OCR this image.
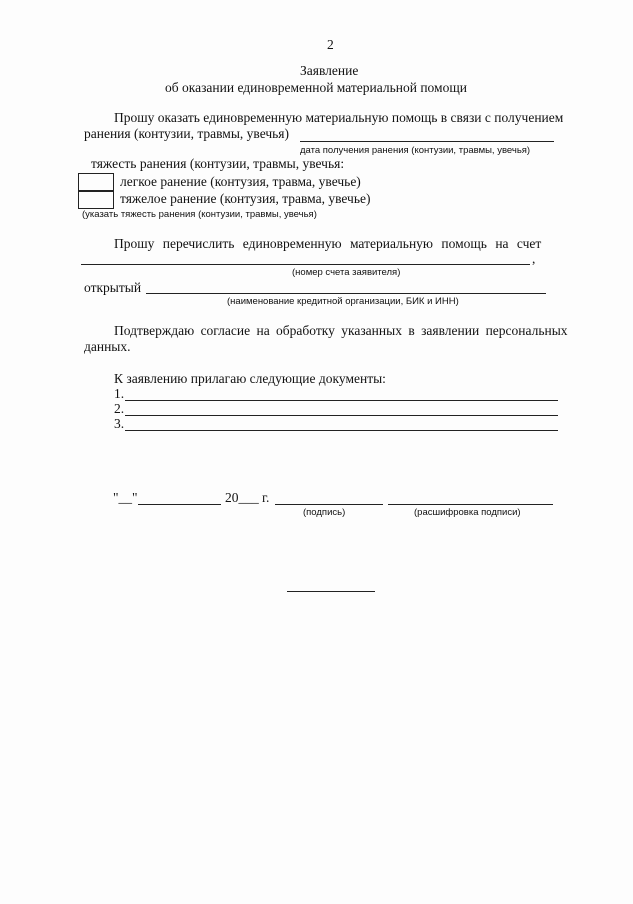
2
Заявление
об оказании единовременной материальной помощи
Прошу оказать единовременную материальную помощь в связи с получением
ранения (контузии, травмы, увечья)
дата получения ранения (контузии, травмы, увечья)
тяжесть ранения (контузии, травмы, увечья:
легкое ранение (контузия, травма, увечье)
тяжелое ранение (контузия, травма, увечье)
(указать тяжесть ранения (контузии, травмы, увечья)
Прошу перечислить единовременную материальную помощь на счет
,
(номер счета заявителя)
открытый
(наименование кредитной организации, БИК и ИНН)
Подтверждаю согласие на обработку указанных в заявлении персональных
данных.
К заявлению прилагаю следующие документы:
1.
2.
3.
"__"	20___ г.
(подпись)	(расшифровка подписи)
